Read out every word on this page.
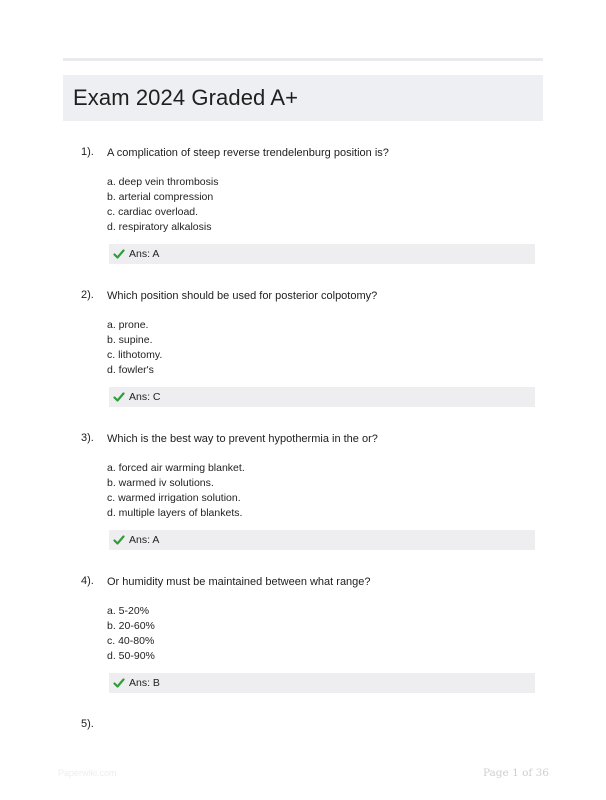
Exam 2024 Graded A+
1). A complication of steep reverse trendelenburg position is?
a. deep vein thrombosis
b. arterial compression
c. cardiac overload.
d. respiratory alkalosis
Ans: A
2). Which position should be used for posterior colpotomy?
a. prone.
b. supine.
c. lithotomy.
d. fowler's
Ans: C
3). Which is the best way to prevent hypothermia in the or?
a. forced air warming blanket.
b. warmed iv solutions.
c. warmed irrigation solution.
d. multiple layers of blankets.
Ans: A
4). Or humidity must be maintained between what range?
a. 5-20%
b. 20-60%
c. 40-80%
d. 50-90%
Ans: B
5).
Paperwiki.com	Page 1 of 36
